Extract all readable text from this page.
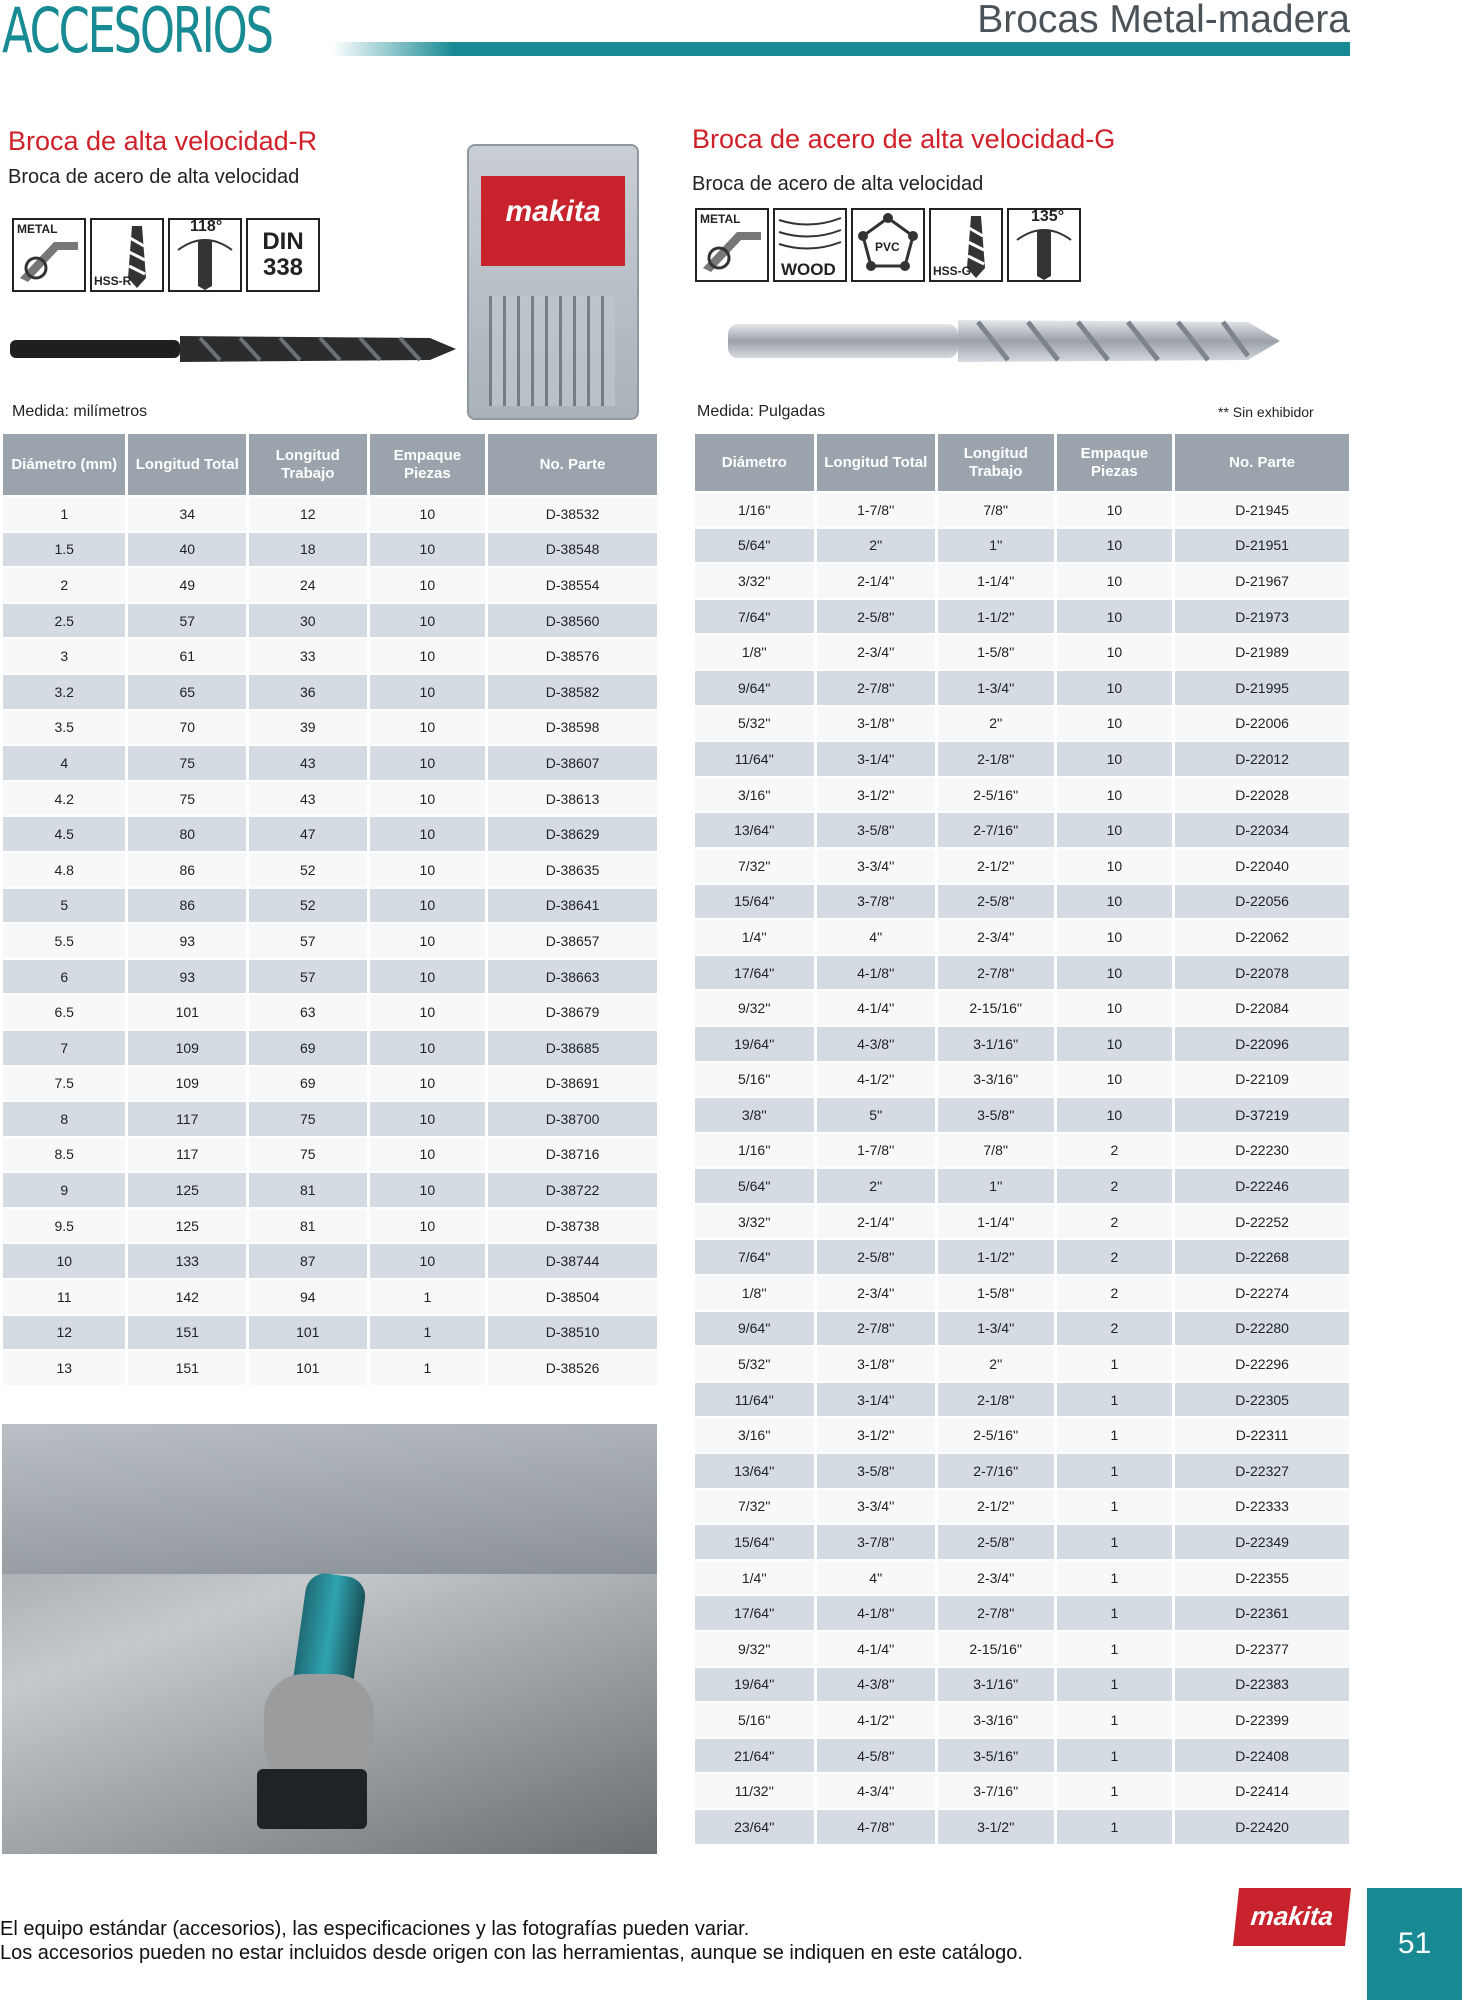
ACCESORIOS	Brocas Metal-madera
Broca de alta velocidad-R
Broca de acero de alta velocidad
METAL
HSS-R
118°
DIN
338
makita
Medida: milímetros
Diámetro (mm)	Longitud Total	Longitud Trabajo	Empaque Piezas	No. Parte
1	34	12	10	D-38532
1.5	40	18	10	D-38548
2	49	24	10	D-38554
2.5	57	30	10	D-38560
3	61	33	10	D-38576
3.2	65	36	10	D-38582
3.5	70	39	10	D-38598
4	75	43	10	D-38607
4.2	75	43	10	D-38613
4.5	80	47	10	D-38629
4.8	86	52	10	D-38635
5	86	52	10	D-38641
5.5	93	57	10	D-38657
6	93	57	10	D-38663
6.5	101	63	10	D-38679
7	109	69	10	D-38685
7.5	109	69	10	D-38691
8	117	75	10	D-38700
8.5	117	75	10	D-38716
9	125	81	10	D-38722
9.5	125	81	10	D-38738
10	133	87	10	D-38744
11	142	94	1	D-38504
12	151	101	1	D-38510
13	151	101	1	D-38526
Broca de acero de alta velocidad-G
Broca de acero de alta velocidad
METAL
WOOD
PVC
HSS-G
135°
Medida: Pulgadas	** Sin exhibidor
Diámetro	Longitud Total	Longitud Trabajo	Empaque Piezas	No. Parte
1/16''	1-7/8''	7/8''	10	D-21945
5/64''	2''	1''	10	D-21951
3/32''	2-1/4''	1-1/4''	10	D-21967
7/64''	2-5/8''	1-1/2''	10	D-21973
1/8''	2-3/4''	1-5/8''	10	D-21989
9/64''	2-7/8''	1-3/4''	10	D-21995
5/32''	3-1/8''	2''	10	D-22006
11/64''	3-1/4''	2-1/8''	10	D-22012
3/16''	3-1/2''	2-5/16''	10	D-22028
13/64''	3-5/8''	2-7/16''	10	D-22034
7/32''	3-3/4''	2-1/2''	10	D-22040
15/64''	3-7/8''	2-5/8''	10	D-22056
1/4''	4''	2-3/4''	10	D-22062
17/64''	4-1/8''	2-7/8''	10	D-22078
9/32''	4-1/4''	2-15/16''	10	D-22084
19/64''	4-3/8''	3-1/16''	10	D-22096
5/16''	4-1/2''	3-3/16''	10	D-22109
3/8''	5''	3-5/8''	10	D-37219
1/16''	1-7/8''	7/8''	2	D-22230
5/64''	2''	1''	2	D-22246
3/32''	2-1/4''	1-1/4''	2	D-22252
7/64''	2-5/8''	1-1/2''	2	D-22268
1/8''	2-3/4''	1-5/8''	2	D-22274
9/64''	2-7/8''	1-3/4''	2	D-22280
5/32''	3-1/8''	2''	1	D-22296
11/64''	3-1/4''	2-1/8''	1	D-22305
3/16''	3-1/2''	2-5/16''	1	D-22311
13/64''	3-5/8''	2-7/16''	1	D-22327
7/32''	3-3/4''	2-1/2''	1	D-22333
15/64''	3-7/8''	2-5/8''	1	D-22349
1/4''	4''	2-3/4''	1	D-22355
17/64''	4-1/8''	2-7/8''	1	D-22361
9/32''	4-1/4''	2-15/16''	1	D-22377
19/64''	4-3/8''	3-1/16''	1	D-22383
5/16''	4-1/2''	3-3/16''	1	D-22399
21/64''	4-5/8''	3-5/16''	1	D-22408
11/32''	4-3/4''	3-7/16''	1	D-22414
23/64''	4-7/8''	3-1/2''	1	D-22420
El equipo estándar (accesorios), las especificaciones y las fotografías pueden variar.
Los accesorios pueden no estar incluidos desde origen con las herramientas, aunque se indiquen en este catálogo.
makita
51
